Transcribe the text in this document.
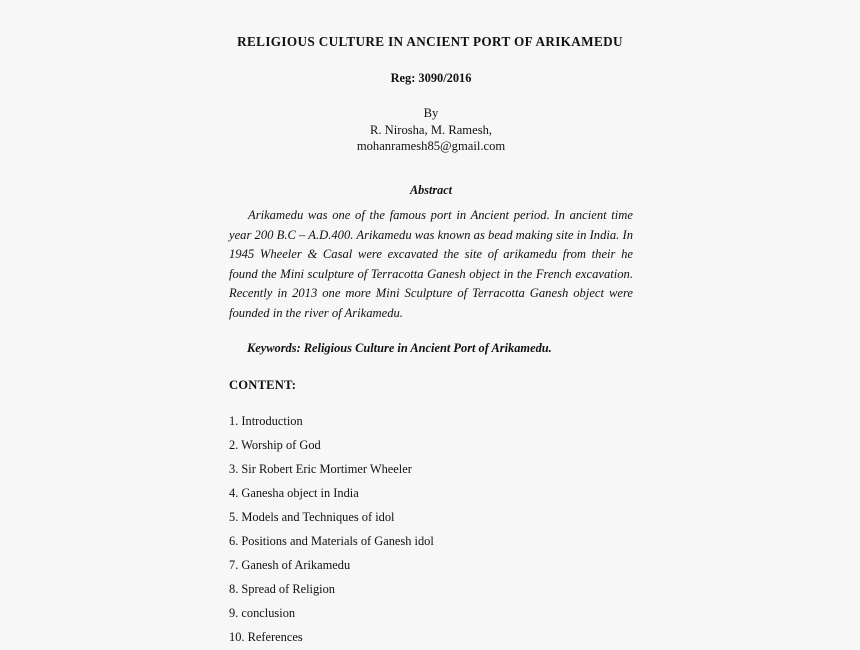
RELIGIOUS CULTURE IN ANCIENT PORT OF ARIKAMEDU

Reg: 3090/2016

By
R. Nirosha, M. Ramesh,
mohanramesh85@gmail.com
Abstract

Arikamedu was one of the famous port in Ancient period. In ancient time year 200 B.C – A.D.400. Arikamedu was known as bead making site in India. In 1945 Wheeler & Casal were excavated the site of arikamedu from their he found the Mini sculpture of Terracotta Ganesh object in the French excavation. Recently in 2013 one more Mini Sculpture of Terracotta Ganesh object were founded in the river of Arikamedu.

Keywords: Religious Culture in Ancient Port of Arikamedu.

CONTENT:
1. Introduction
2. Worship of God
3. Sir Robert Eric Mortimer Wheeler
4. Ganesha object in India
5. Models and Techniques of idol
6. Positions and Materials of Ganesh idol
7. Ganesh of Arikamedu
8. Spread of Religion
9. conclusion
10. References
